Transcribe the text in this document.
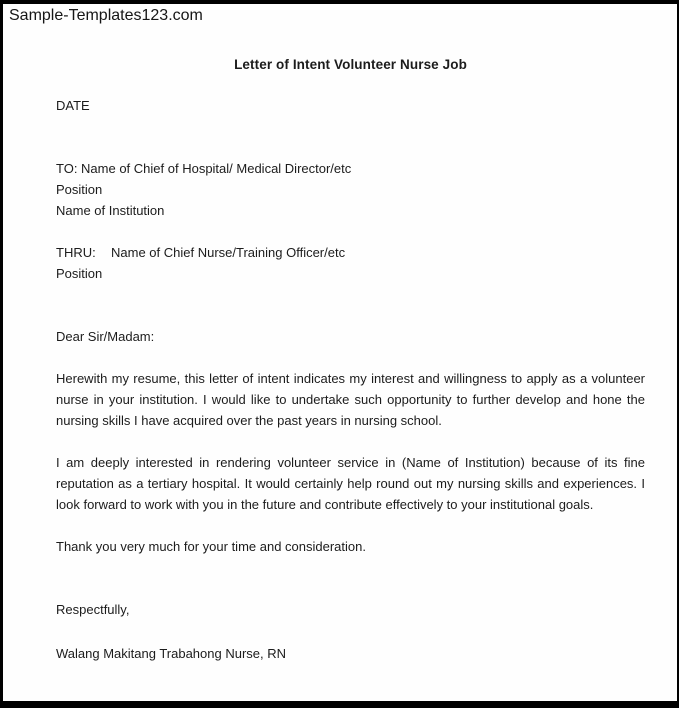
Sample-Templates123.com
Letter of Intent Volunteer Nurse Job

DATE

TO: Name of Chief of Hospital/ Medical Director/etc

Position

Name of Institution

THRU: Name of Chief Nurse/Training Officer/etc

Position

Dear Sir/Madam:

Herewith my resume, this letter of intent indicates my interest and willingness to apply as a volunteer nurse in your institution. I would like to undertake such opportunity to further develop and hone the nursing skills I have acquired over the past years in nursing school.

I am deeply interested in rendering volunteer service in (Name of Institution) because of its fine reputation as a tertiary hospital. It would certainly help round out my nursing skills and experiences. I look forward to work with you in the future and contribute effectively to your institutional goals.

Thank you very much for your time and consideration.

Respectfully,

Walang Makitang Trabahong Nurse, RN
